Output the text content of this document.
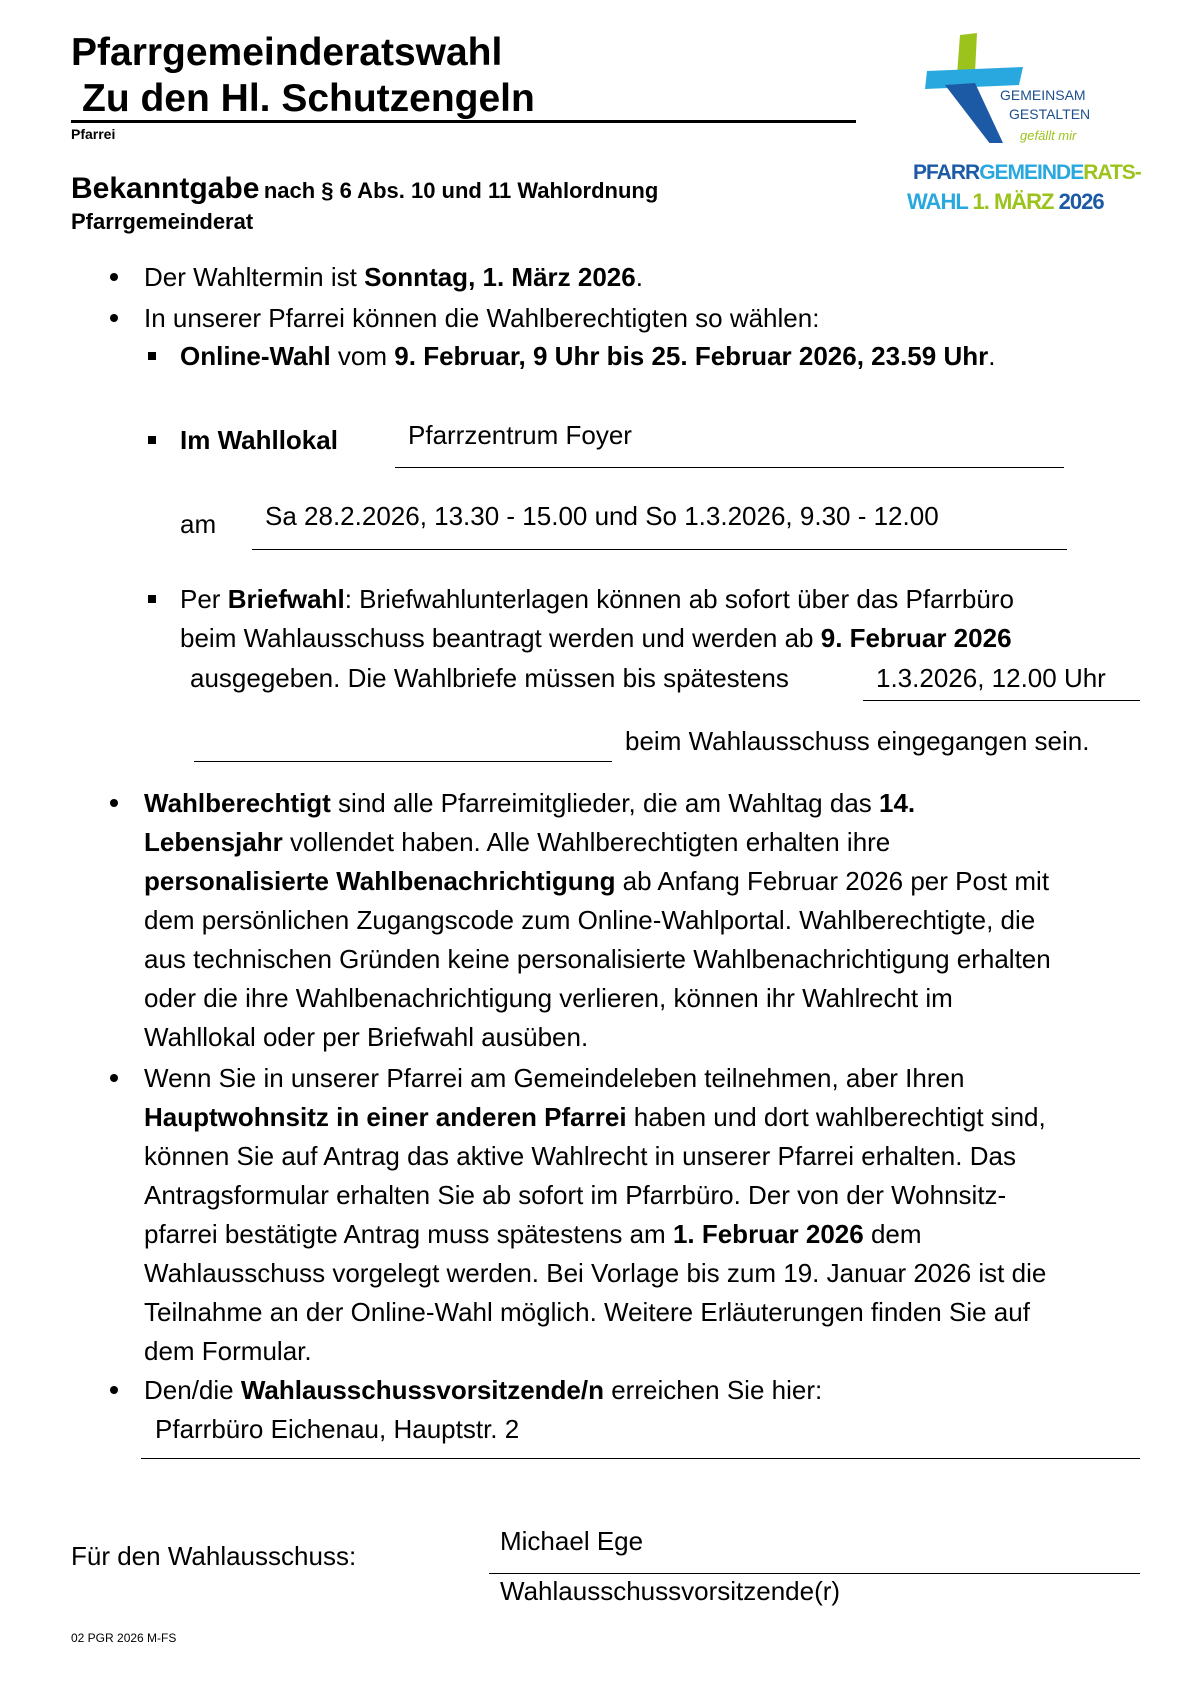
Pfarrgemeinderatswahl
Zu den Hl. Schutzengeln
Pfarrei
Bekanntgabe nach § 6 Abs. 10 und 11 Wahlordnung
Pfarrgemeinderat
GEMEINSAM
GESTALTEN
gefällt mir
PFARRGEMEINDERATS-
WAHL 1. MÄRZ 2026
Der Wahltermin ist Sonntag, 1. März 2026.
In unserer Pfarrei können die Wahlberechtigten so wählen:
Online-Wahl vom 9. Februar, 9 Uhr bis 25. Februar 2026, 23.59 Uhr.
Im Wahllokal	Pfarrzentrum Foyer
am Sa 28.2.2026, 13.30 - 15.00 und So 1.3.2026, 9.30 - 12.00
Per Briefwahl: Briefwahlunterlagen können ab sofort über das Pfarrbüro
beim Wahlausschuss beantragt werden und werden ab 9. Februar 2026
ausgegeben. Die Wahlbriefe müssen bis spätestens	1.3.2026, 12.00 Uhr
beim Wahlausschuss eingegangen sein.
Wahlberechtigt sind alle Pfarreimitglieder, die am Wahltag das 14.
Lebensjahr vollendet haben. Alle Wahlberechtigten erhalten ihre
personalisierte Wahlbenachrichtigung ab Anfang Februar 2026 per Post mit
dem persönlichen Zugangscode zum Online-Wahlportal. Wahlberechtigte, die
aus technischen Gründen keine personalisierte Wahlbenachrichtigung erhalten
oder die ihre Wahlbenachrichtigung verlieren, können ihr Wahlrecht im
Wahllokal oder per Briefwahl ausüben.
Wenn Sie in unserer Pfarrei am Gemeindeleben teilnehmen, aber Ihren
Hauptwohnsitz in einer anderen Pfarrei haben und dort wahlberechtigt sind,
können Sie auf Antrag das aktive Wahlrecht in unserer Pfarrei erhalten. Das
Antragsformular erhalten Sie ab sofort im Pfarrbüro. Der von der Wohnsitz-
pfarrei bestätigte Antrag muss spätestens am 1. Februar 2026 dem
Wahlausschuss vorgelegt werden. Bei Vorlage bis zum 19. Januar 2026 ist die
Teilnahme an der Online-Wahl möglich. Weitere Erläuterungen finden Sie auf
dem Formular.
Den/die Wahlausschussvorsitzende/n erreichen Sie hier:
Pfarrbüro Eichenau, Hauptstr. 2
Für den Wahlausschuss:	Michael Ege
Wahlausschussvorsitzende(r)
02 PGR 2026 M-FS
